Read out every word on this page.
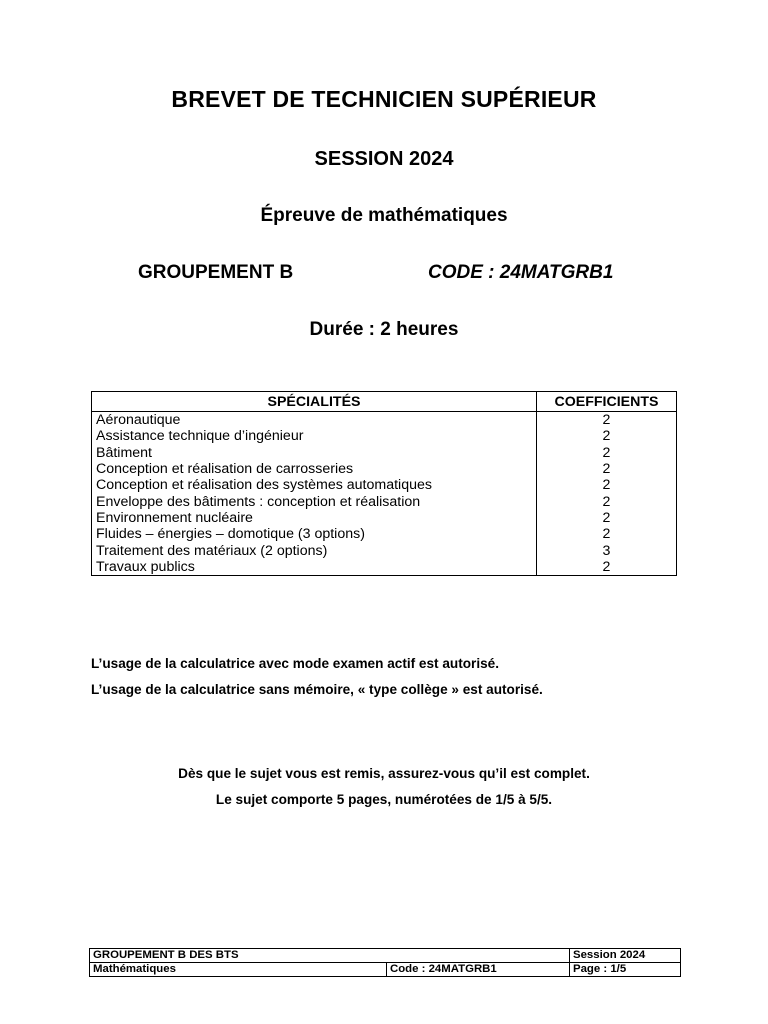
BREVET DE TECHNICIEN SUPÉRIEUR
SESSION 2024
Épreuve de mathématiques
GROUPEMENT B	CODE : 24MATGRB1
Durée : 2 heures
SPÉCIALITÉS	COEFFICIENTS
Aéronautique	2
Assistance technique d’ingénieur	2
Bâtiment	2
Conception et réalisation de carrosseries	2
Conception et réalisation des systèmes automatiques	2
Enveloppe des bâtiments : conception et réalisation	2
Environnement nucléaire	2
Fluides – énergies – domotique (3 options)	2
Traitement des matériaux (2 options)	3
Travaux publics	2
L’usage de la calculatrice avec mode examen actif est autorisé.
L’usage de la calculatrice sans mémoire, « type collège » est autorisé.
Dès que le sujet vous est remis, assurez-vous qu’il est complet.
Le sujet comporte 5 pages, numérotées de 1/5 à 5/5.
GROUPEMENT B DES BTS		Session 2024
Mathématiques	Code : 24MATGRB1	Page : 1/5
